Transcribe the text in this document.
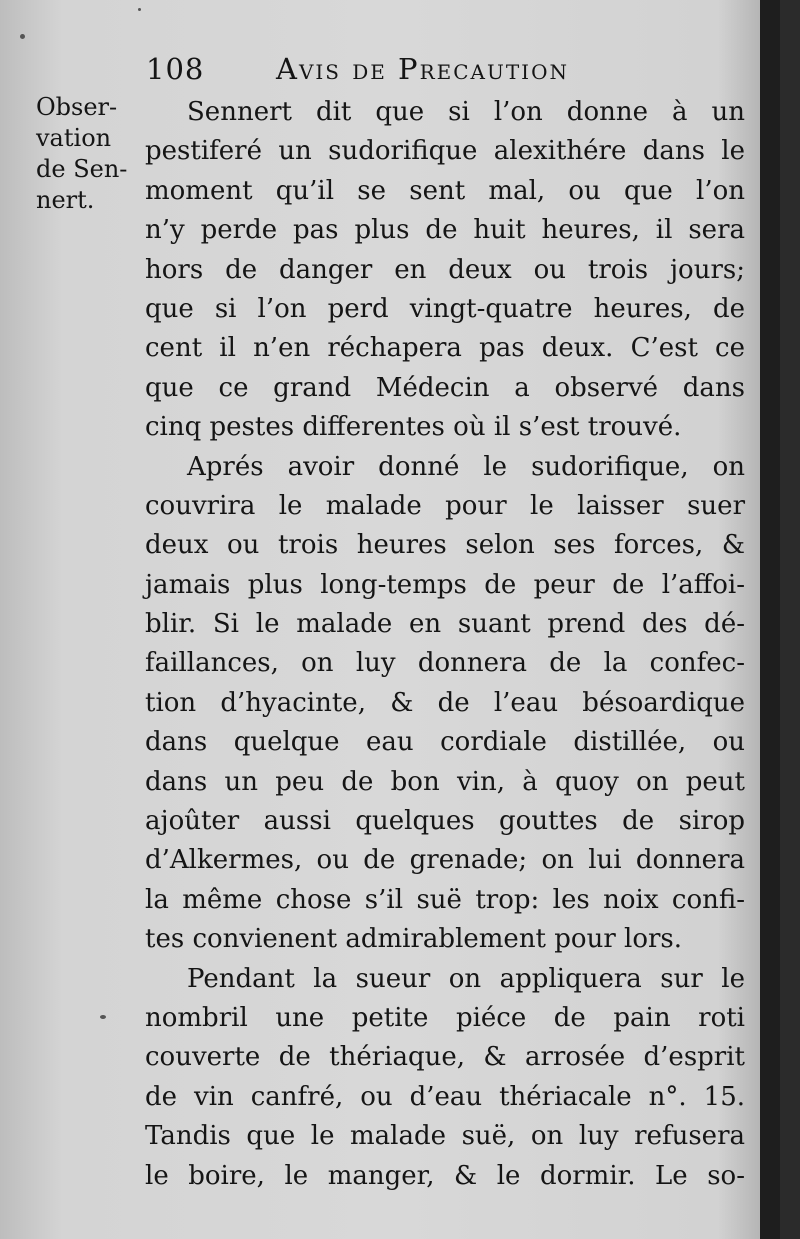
108 Avis de Precaution
Obser-
vation
de Sen-
nert.
Sennert dit que si l’on donne à un
pestiferé un sudorifique alexithére dans le
moment qu’il se sent mal, ou que l’on
n’y perde pas plus de huit heures, il sera
hors de danger en deux ou trois jours;
que si l’on perd vingt-quatre heures, de
cent il n’en réchapera pas deux. C’est ce
que ce grand Médecin a observé dans
cinq pestes differentes où il s’est trouvé.
Aprés avoir donné le sudorifique, on
couvrira le malade pour le laisser suer
deux ou trois heures selon ses forces, &
jamais plus long-temps de peur de l’affoi-
blir. Si le malade en suant prend des dé-
faillances, on luy donnera de la confec-
tion d’hyacinte, & de l’eau bésoardique
dans quelque eau cordiale distillée, ou
dans un peu de bon vin, à quoy on peut
ajoûter aussi quelques gouttes de sirop
d’Alkermes, ou de grenade; on lui donnera
la même chose s’il suë trop: les noix confi-
tes convienent admirablement pour lors.
Pendant la sueur on appliquera sur le
nombril une petite piéce de pain roti
couverte de thériaque, & arrosée d’esprit
de vin canfré, ou d’eau thériacale n°. 15.
Tandis que le malade suë, on luy refusera
le boire, le manger, & le dormir. Le so-
